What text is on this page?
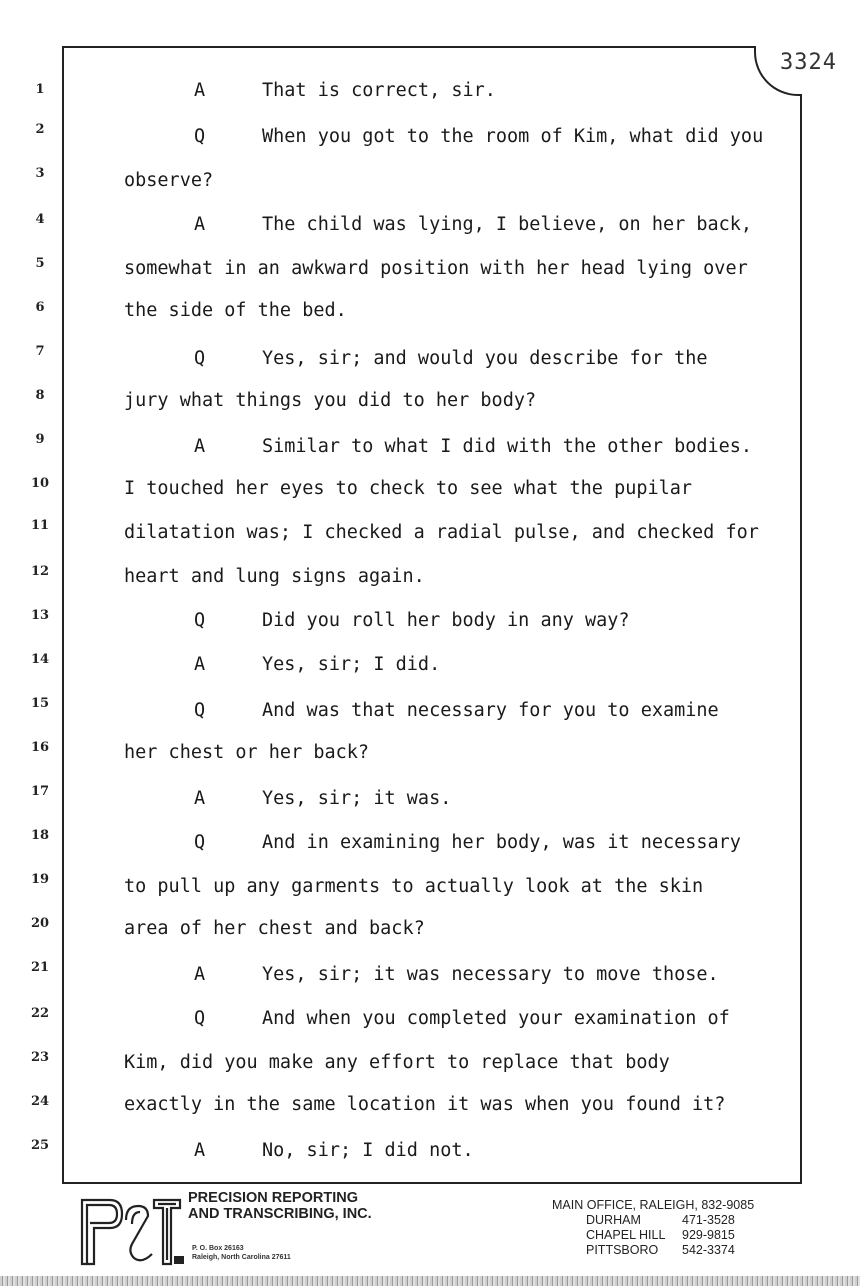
3324
1	A	That is correct, sir.
2	Q	When you got to the room of Kim, what did you
3	observe?
4	A	The child was lying, I believe, on her back,
5	somewhat in an awkward position with her head lying over
6	the side of the bed.
7	Q	Yes, sir; and would you describe for the
8	jury what things you did to her body?
9	A	Similar to what I did with the other bodies.
10	I touched her eyes to check to see what the pupilar
11	dilatation was; I checked a radial pulse, and checked for
12	heart and lung signs again.
13	Q	Did you roll her body in any way?
14	A	Yes, sir; I did.
15	Q	And was that necessary for you to examine
16	her chest or her back?
17	A	Yes, sir; it was.
18	Q	And in examining her body, was it necessary
19	to pull up any garments to actually look at the skin
20	area of her chest and back?
21	A	Yes, sir; it was necessary to move those.
22	Q	And when you completed your examination of
23	Kim, did you make any effort to replace that body
24	exactly in the same location it was when you found it?
25	A	No, sir; I did not.
PRECISION REPORTING
AND TRANSCRIBING, INC.
P. O. Box 26163
Raleigh, North Carolina 27611
MAIN OFFICE, RALEIGH, 832-9085
DURHAM	471-3528
CHAPEL HILL 929-9815
PITTSBORO 542-3374
